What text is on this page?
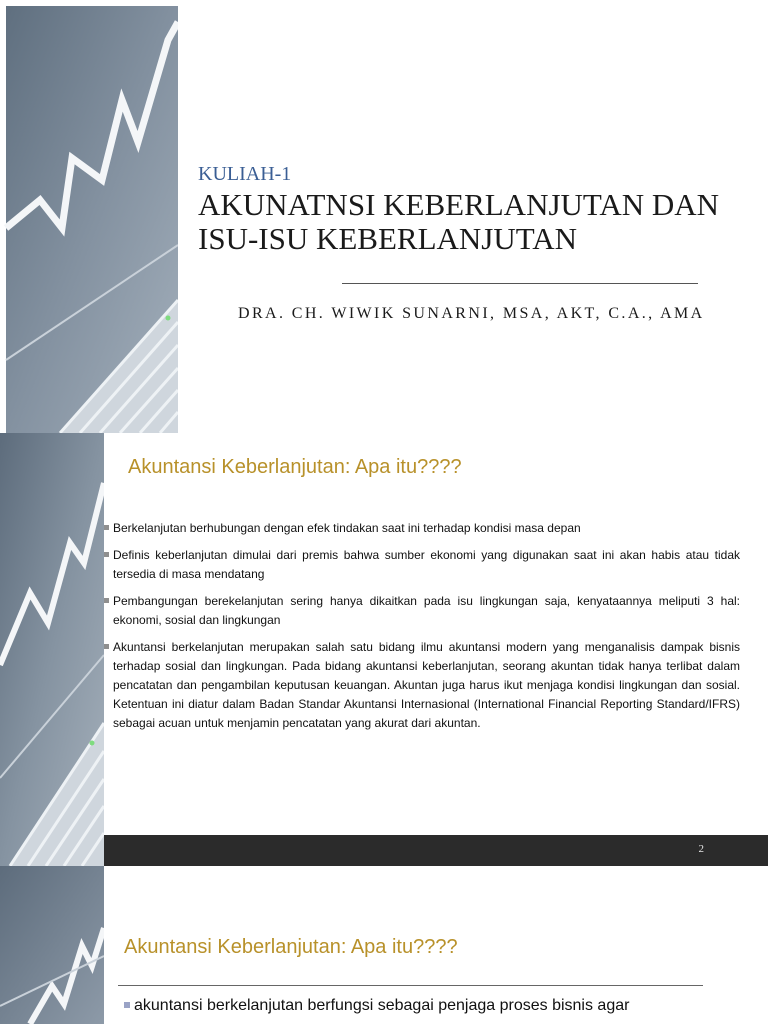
KULIAH-1
AKUNATNSI KEBERLANJUTAN DAN ISU-ISU KEBERLANJUTAN
DRA. CH. WIWIK SUNARNI, MSA, AKT, C.A., AMA
Akuntansi Keberlanjutan: Apa itu????
Berkelanjutan berhubungan dengan efek tindakan saat ini terhadap kondisi masa depan
Definis keberlanjutan dimulai dari premis bahwa sumber ekonomi yang digunakan saat ini akan habis atau tidak tersedia di masa mendatang
Pembangungan berekelanjutan sering hanya dikaitkan pada isu lingkungan saja, kenyataannya meliputi 3 hal: ekonomi, sosial dan lingkungan
Akuntansi berkelanjutan merupakan salah satu bidang ilmu akuntansi modern yang menganalisis dampak bisnis terhadap sosial dan lingkungan. Pada bidang akuntansi keberlanjutan, seorang akuntan tidak hanya terlibat dalam pencatatan dan pengambilan keputusan keuangan. Akuntan juga harus ikut menjaga kondisi lingkungan dan sosial. Ketentuan ini diatur dalam Badan Standar Akuntansi Internasional (International Financial Reporting Standard/IFRS) sebagai acuan untuk menjamin pencatatan yang akurat dari akuntan.
2
Akuntansi Keberlanjutan: Apa itu????
akuntansi berkelanjutan berfungsi sebagai penjaga proses bisnis agar
